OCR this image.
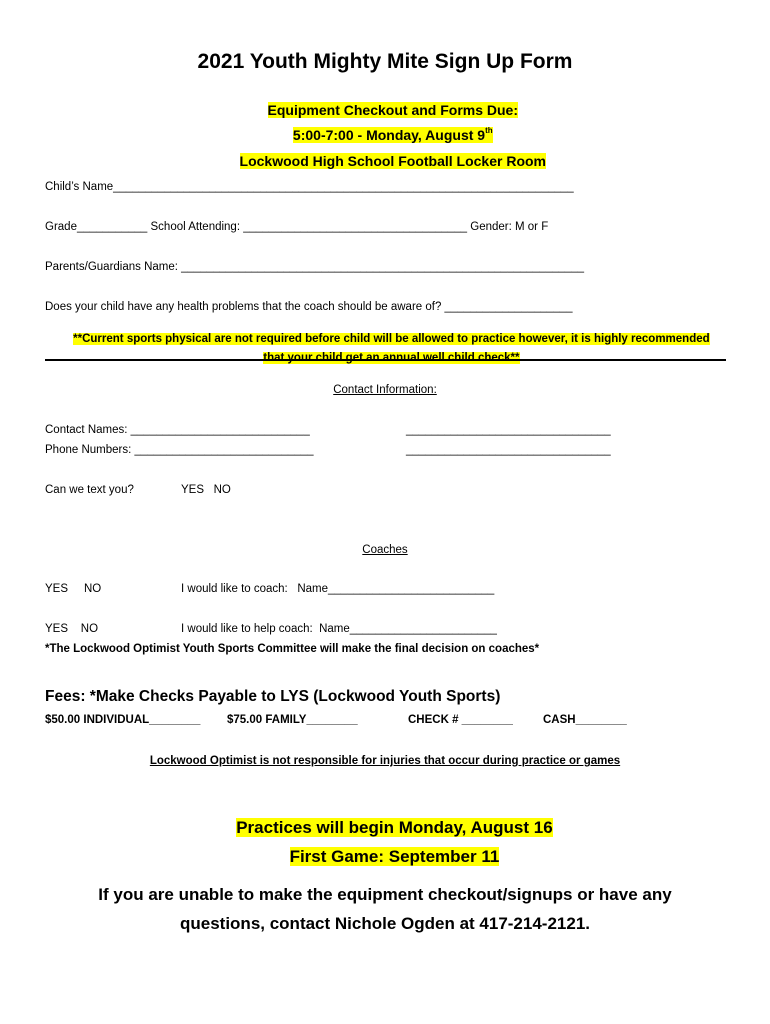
2021 Youth Mighty Mite Sign Up Form

Equipment Checkout and Forms Due:

5:00-7:00 - Monday, August 9th

Lockwood High School Football Locker Room

Child’s Name________________________________________________________________________
Grade___________ School Attending: ___________________________________ Gender: M or F
Parents/Guardians Name: _______________________________________________________________
Does your child have any health problems that the coach should be aware of? ____________________

**Current sports physical are not required before child will be allowed to practice however, it is highly recommended

that your child get an annual well child check**

Contact Information:
Contact Names: ____________________________	________________________________
Phone Numbers: ____________________________	________________________________
Can we text you?	YES   NO
Coaches
YES     NO	I would like to coach:   Name__________________________
YES    NO	I would like to help coach:  Name_______________________
*The Lockwood Optimist Youth Sports Committee will make the final decision on coaches*
Fees: *Make Checks Payable to LYS (Lockwood Youth Sports)
$50.00 INDIVIDUAL________ $75.00 FAMILY________	CHECK # ________	CASH________
Lockwood Optimist is not responsible for injuries that occur during practice or games

Practices will begin Monday, August 16

First Game: September 11

If you are unable to make the equipment checkout/signups or have any
questions, contact Nichole Ogden at 417-214-2121.
